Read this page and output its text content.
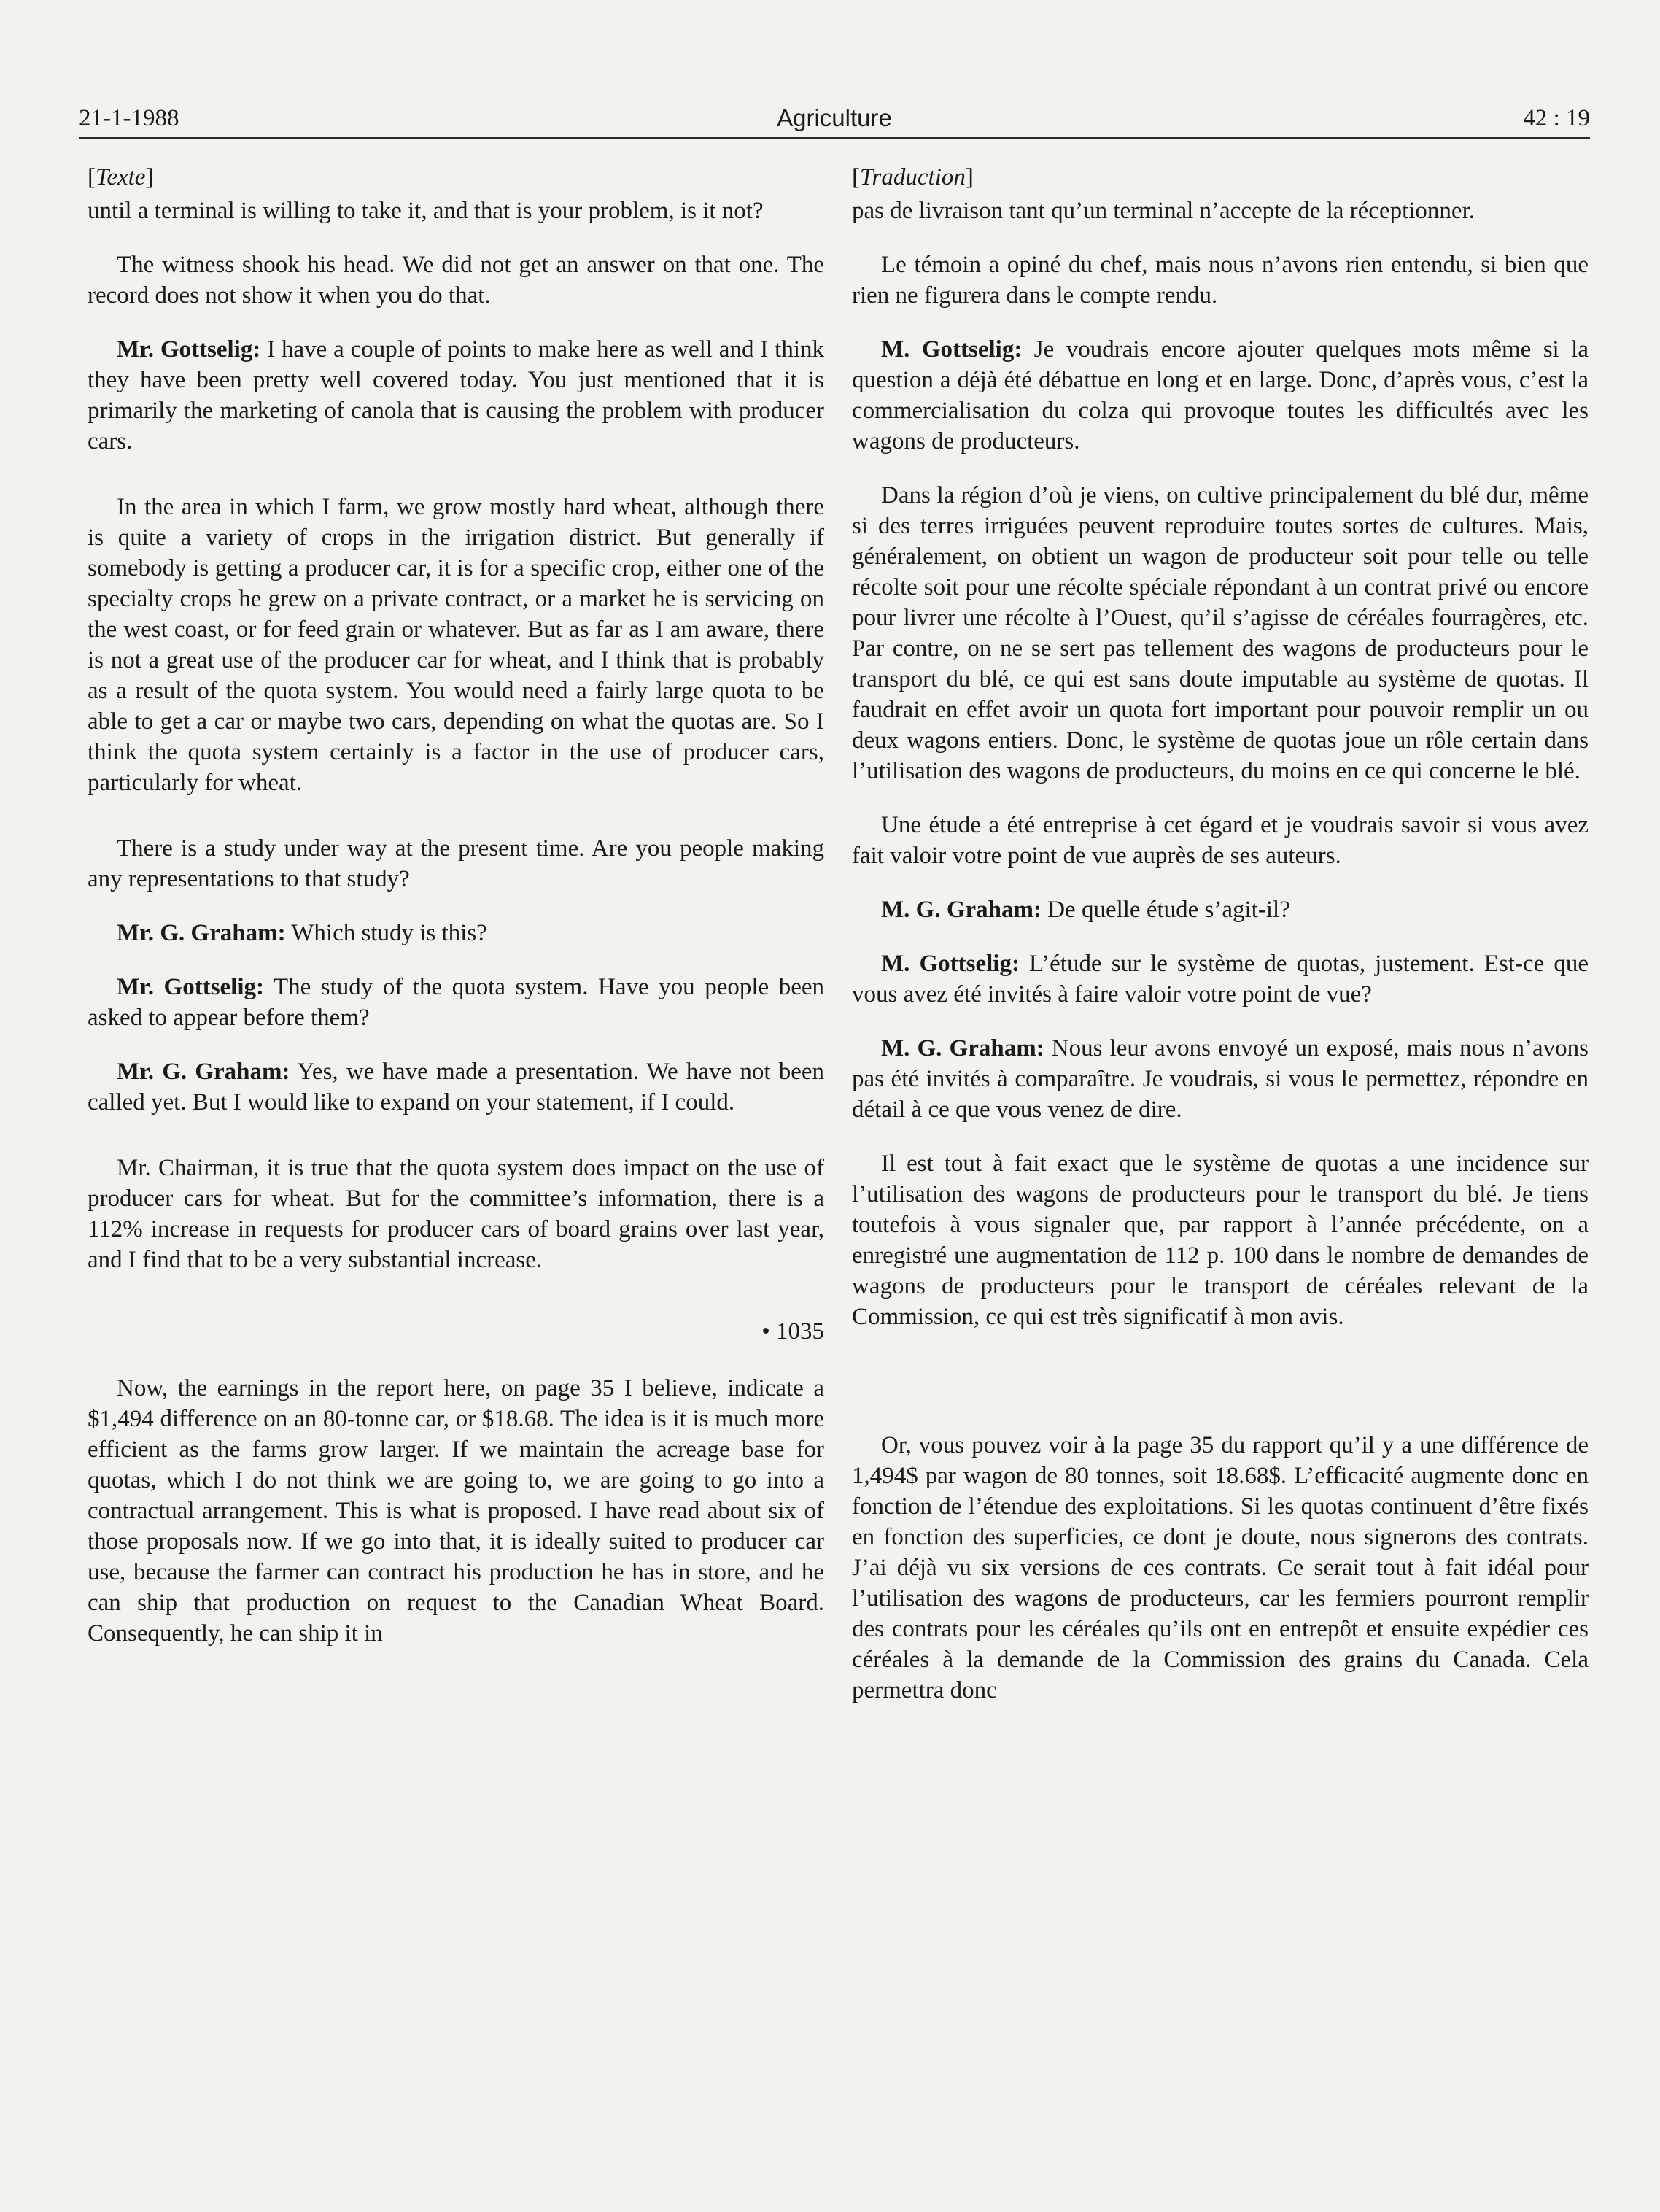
21-1-1988	Agriculture	42 : 19
[Texte]

until a terminal is willing to take it, and that is your problem, is it not?

The witness shook his head. We did not get an answer on that one. The record does not show it when you do that.

Mr. Gottselig: I have a couple of points to make here as well and I think they have been pretty well covered today. You just mentioned that it is primarily the marketing of canola that is causing the problem with producer cars.

In the area in which I farm, we grow mostly hard wheat, although there is quite a variety of crops in the irrigation district. But generally if somebody is getting a producer car, it is for a specific crop, either one of the specialty crops he grew on a private contract, or a market he is servicing on the west coast, or for feed grain or whatever. But as far as I am aware, there is not a great use of the producer car for wheat, and I think that is probably as a result of the quota system. You would need a fairly large quota to be able to get a car or maybe two cars, depending on what the quotas are. So I think the quota system certainly is a factor in the use of producer cars, particularly for wheat.

There is a study under way at the present time. Are you people making any representations to that study?

Mr. G. Graham: Which study is this?

Mr. Gottselig: The study of the quota system. Have you people been asked to appear before them?

Mr. G. Graham: Yes, we have made a presentation. We have not been called yet. But I would like to expand on your statement, if I could.

Mr. Chairman, it is true that the quota system does impact on the use of producer cars for wheat. But for the committee’s information, there is a 112% increase in requests for producer cars of board grains over last year, and I find that to be a very substantial increase.

• 1035

Now, the earnings in the report here, on page 35 I believe, indicate a $1,494 difference on an 80-tonne car, or $18.68. The idea is it is much more efficient as the farms grow larger. If we maintain the acreage base for quotas, which I do not think we are going to, we are going to go into a contractual arrangement. This is what is proposed. I have read about six of those proposals now. If we go into that, it is ideally suited to producer car use, because the farmer can contract his production he has in store, and he can ship that production on request to the Canadian Wheat Board. Consequently, he can ship it in

[Traduction]

pas de livraison tant qu’un terminal n’accepte de la réceptionner.

Le témoin a opiné du chef, mais nous n’avons rien entendu, si bien que rien ne figurera dans le compte rendu.

M. Gottselig: Je voudrais encore ajouter quelques mots même si la question a déjà été débattue en long et en large. Donc, d’après vous, c’est la commercialisation du colza qui provoque toutes les difficultés avec les wagons de producteurs.

Dans la région d’où je viens, on cultive principalement du blé dur, même si des terres irriguées peuvent reproduire toutes sortes de cultures. Mais, généralement, on obtient un wagon de producteur soit pour telle ou telle récolte soit pour une récolte spéciale répondant à un contrat privé ou encore pour livrer une récolte à l’Ouest, qu’il s’agisse de céréales fourragères, etc. Par contre, on ne se sert pas tellement des wagons de producteurs pour le transport du blé, ce qui est sans doute imputable au système de quotas. Il faudrait en effet avoir un quota fort important pour pouvoir remplir un ou deux wagons entiers. Donc, le système de quotas joue un rôle certain dans l’utilisation des wagons de producteurs, du moins en ce qui concerne le blé.

Une étude a été entreprise à cet égard et je voudrais savoir si vous avez fait valoir votre point de vue auprès de ses auteurs.

M. G. Graham: De quelle étude s’agit-il?

M. Gottselig: L’étude sur le système de quotas, justement. Est-ce que vous avez été invités à faire valoir votre point de vue?

M. G. Graham: Nous leur avons envoyé un exposé, mais nous n’avons pas été invités à comparaître. Je voudrais, si vous le permettez, répondre en détail à ce que vous venez de dire.

Il est tout à fait exact que le système de quotas a une incidence sur l’utilisation des wagons de producteurs pour le transport du blé. Je tiens toutefois à vous signaler que, par rapport à l’année précédente, on a enregistré une augmentation de 112 p. 100 dans le nombre de demandes de wagons de producteurs pour le transport de céréales relevant de la Commission, ce qui est très significatif à mon avis.

Or, vous pouvez voir à la page 35 du rapport qu’il y a une différence de 1,494$ par wagon de 80 tonnes, soit 18.68$. L’efficacité augmente donc en fonction de l’étendue des exploitations. Si les quotas continuent d’être fixés en fonction des superficies, ce dont je doute, nous signerons des contrats. J’ai déjà vu six versions de ces contrats. Ce serait tout à fait idéal pour l’utilisation des wagons de producteurs, car les fermiers pourront remplir des contrats pour les céréales qu’ils ont en entrepôt et ensuite expédier ces céréales à la demande de la Commission des grains du Canada. Cela permettra donc
